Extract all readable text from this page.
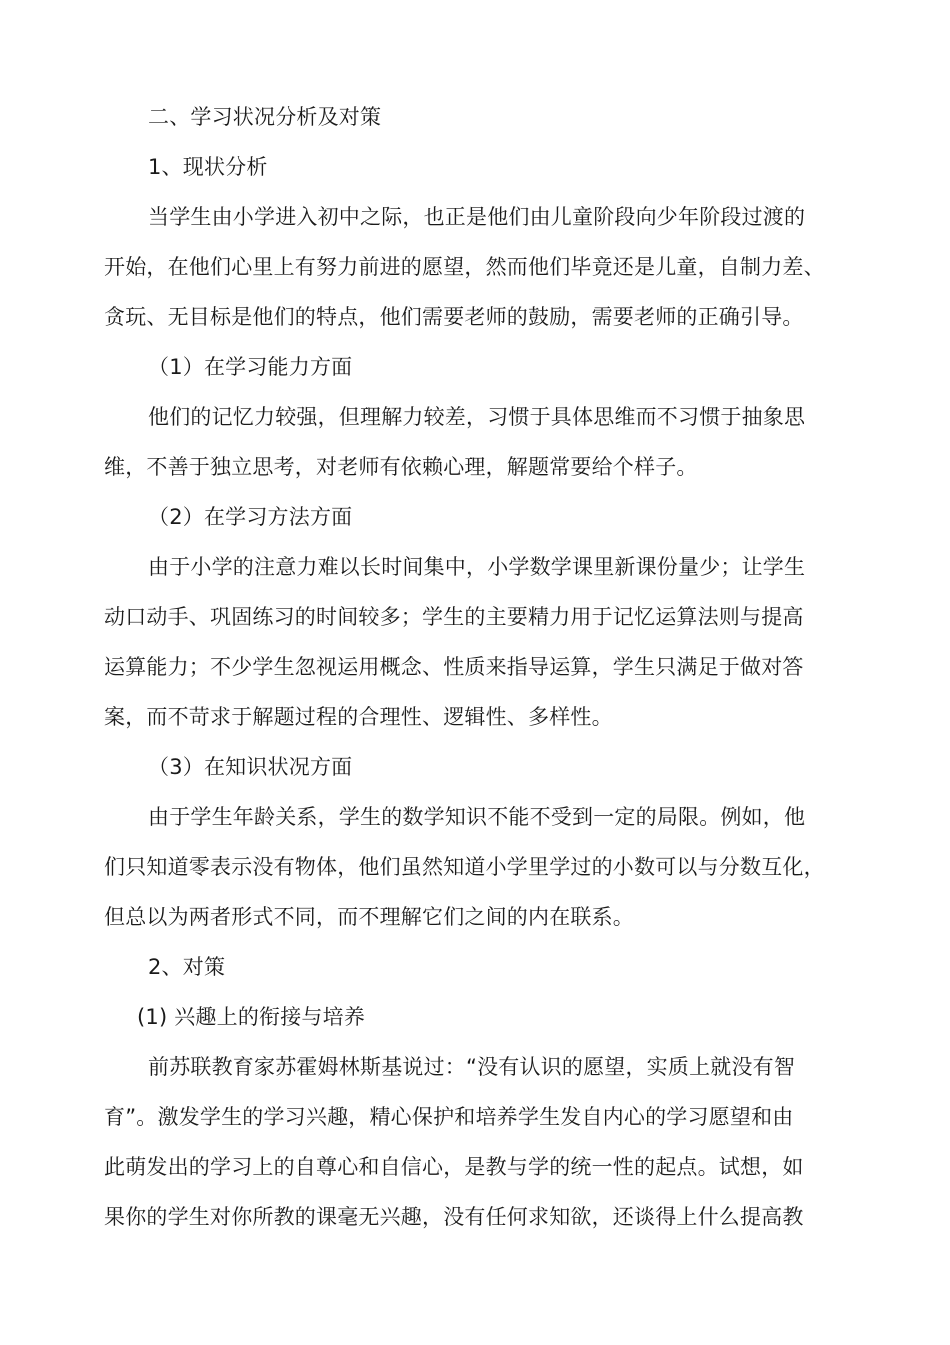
二、学习状况分析及对策
1、现状分析
当学生由小学进入初中之际，也正是他们由儿童阶段向少年阶段过渡的
开始，在他们心里上有努力前进的愿望，然而他们毕竟还是儿童，自制力差、
贪玩、无目标是他们的特点，他们需要老师的鼓励，需要老师的正确引导。
（1）在学习能力方面
他们的记忆力较强，但理解力较差，习惯于具体思维而不习惯于抽象思
维，不善于独立思考，对老师有依赖心理，解题常要给个样子。
（2）在学习方法方面
由于小学的注意力难以长时间集中，小学数学课里新课份量少；让学生
动口动手、巩固练习的时间较多；学生的主要精力用于记忆运算法则与提高
运算能力；不少学生忽视运用概念、性质来指导运算，学生只满足于做对答
案，而不苛求于解题过程的合理性、逻辑性、多样性。
（3）在知识状况方面
由于学生年龄关系，学生的数学知识不能不受到一定的局限。例如，他
们只知道零表示没有物体，他们虽然知道小学里学过的小数可以与分数互化，
但总以为两者形式不同，而不理解它们之间的内在联系。
2、对策
(1) 兴趣上的衔接与培养
前苏联教育家苏霍姆林斯基说过：“没有认识的愿望，实质上就没有智
育”。激发学生的学习兴趣，精心保护和培养学生发自内心的学习愿望和由
此萌发出的学习上的自尊心和自信心，是教与学的统一性的起点。试想，如
果你的学生对你所教的课毫无兴趣，没有任何求知欲，还谈得上什么提高教
